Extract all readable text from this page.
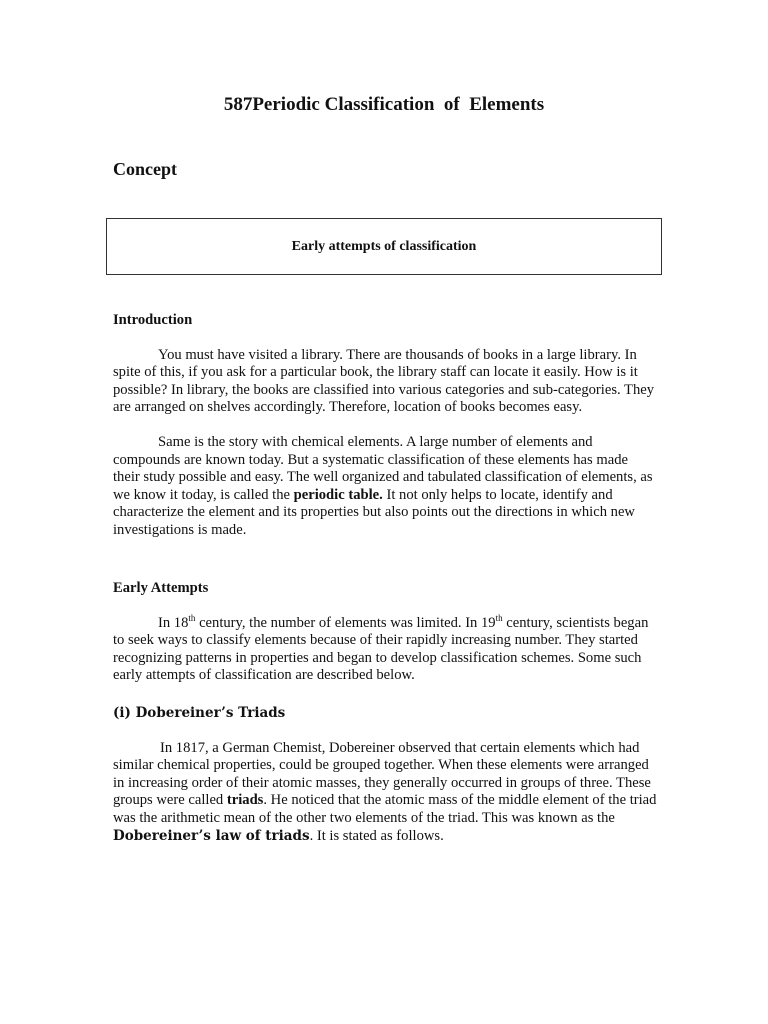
587Periodic Classification  of  Elements
Concept
Early attempts of classification
Introduction
You must have visited a library. There are thousands of books in a large library. In spite of this, if you ask for a particular book, the library staff can locate it easily. How is it possible? In library, the books are classified into various categories and sub-categories. They are arranged on shelves accordingly. Therefore, location of books becomes easy.
Same is the story with chemical elements. A large number of elements and compounds are known today. But a systematic classification of these elements has made their study possible and easy. The well organized and tabulated classification of elements, as we know it today, is called the periodic table. It not only helps to locate, identify and characterize the element and its properties but also points out the directions in which new investigations is made.
Early Attempts
In 18th century, the number of elements was limited. In 19th century, scientists began to seek ways to classify elements because of their rapidly increasing number. They started recognizing patterns in properties and began to develop classification schemes. Some such early attempts of classification are described below.
(i) Dobereiner’s Triads
In 1817, a German Chemist, Dobereiner observed that certain elements which had similar chemical properties, could be grouped together. When these elements were arranged in increasing order of their atomic masses, they generally occurred in groups of three. These groups were called triads. He noticed that the atomic mass of the middle element of the triad was the arithmetic mean of the other two elements of the triad. This was known as the Dobereiner’s law of triads. It is stated as follows.
